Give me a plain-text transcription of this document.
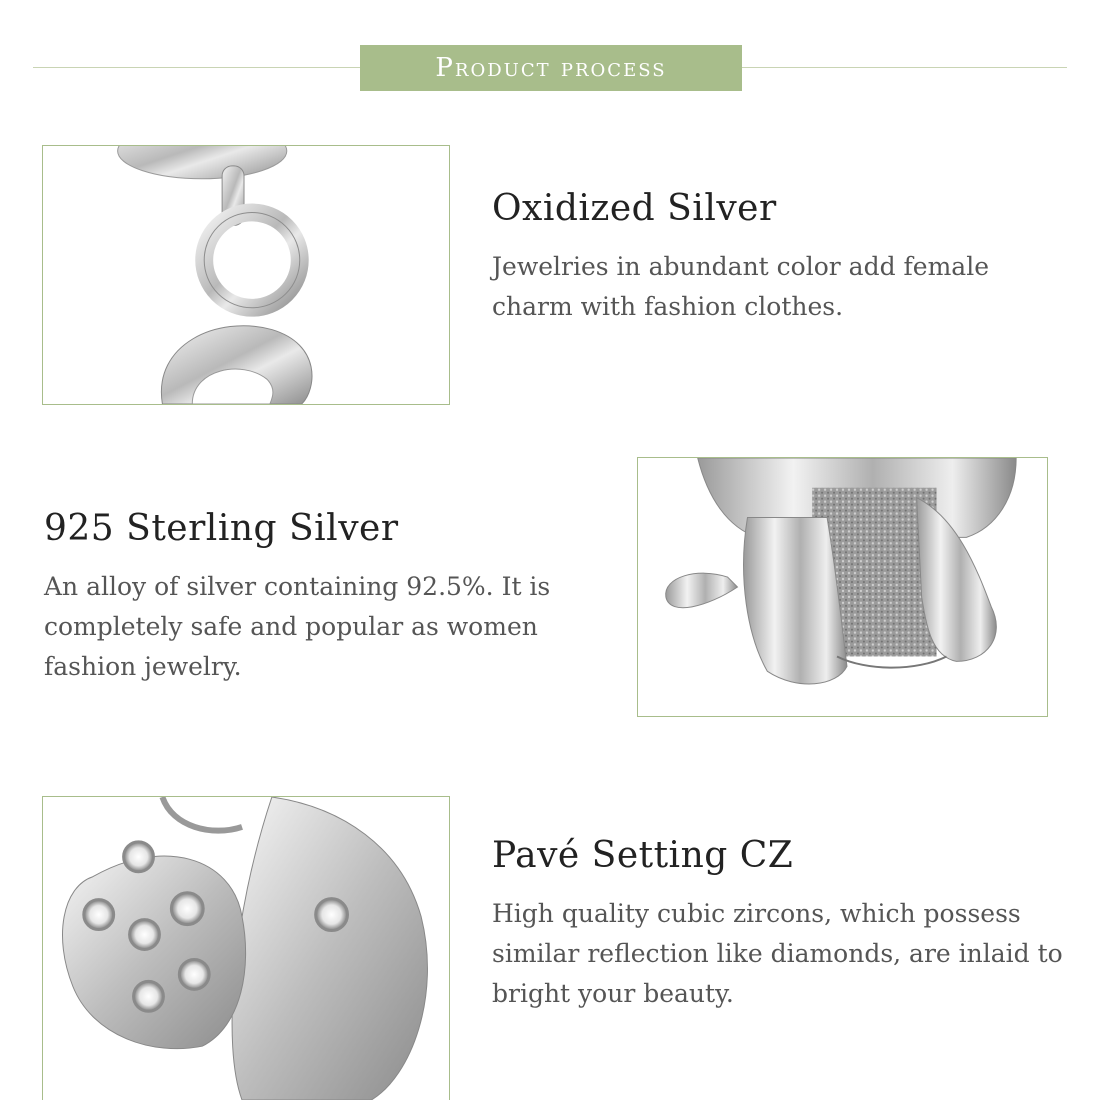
Product process
Oxidized Silver

Jewelries in abundant color add female charm with fashion clothes.

925 Sterling Silver

An alloy of silver containing 92.5%. It is completely safe and popular as women fashion jewelry.

Pavé Setting CZ

High quality cubic zircons, which possess similar reflection like diamonds, are inlaid to bright your beauty.
